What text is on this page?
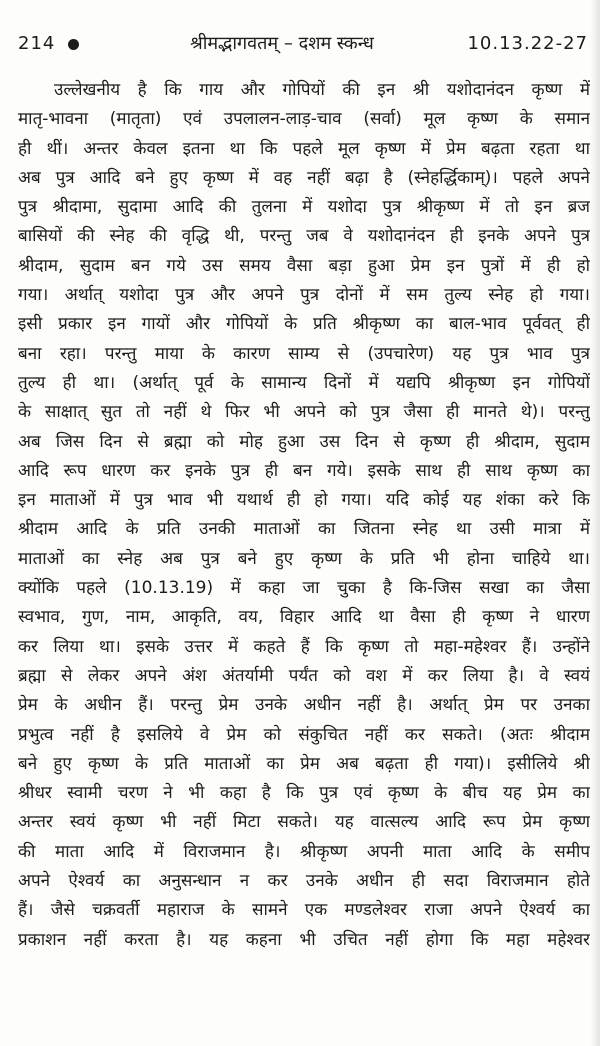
214	श्रीमद्भागवतम् – दशम स्कन्ध	10.13.22-27
उल्लेखनीय है कि गाय और गोपियों की इन श्री यशोदानंदन कृष्ण में
मातृ-भावना (मातृता) एवं उपलालन-लाड़-चाव (सर्वा) मूल कृष्ण के समान
ही थीं। अन्तर केवल इतना था कि पहले मूल कृष्ण में प्रेम बढ़ता रहता था
अब पुत्र आदि बने हुए कृष्ण में वह नहीं बढ़ा है (स्नेहर्द्धिकाम्)। पहले अपने
पुत्र श्रीदामा, सुदामा आदि की तुलना में यशोदा पुत्र श्रीकृष्ण में तो इन ब्रज
बासियों की स्नेह की वृद्धि थी, परन्तु जब वे यशोदानंदन ही इनके अपने पुत्र
श्रीदाम, सुदाम बन गये उस समय वैसा बड़ा हुआ प्रेम इन पुत्रों में ही हो
गया। अर्थात् यशोदा पुत्र और अपने पुत्र दोनों में सम तुल्य स्नेह हो गया।
इसी प्रकार इन गायों और गोपियों के प्रति श्रीकृष्ण का बाल-भाव पूर्ववत् ही
बना रहा। परन्तु माया के कारण साम्य से (उपचारेण) यह पुत्र भाव पुत्र
तुल्य ही था। (अर्थात् पूर्व के सामान्य दिनों में यद्यपि श्रीकृष्ण इन गोपियों
के साक्षात् सुत तो नहीं थे फिर भी अपने को पुत्र जैसा ही मानते थे)। परन्तु
अब जिस दिन से ब्रह्मा को मोह हुआ उस दिन से कृष्ण ही श्रीदाम, सुदाम
आदि रूप धारण कर इनके पुत्र ही बन गये। इसके साथ ही साथ कृष्ण का
इन माताओं में पुत्र भाव भी यथार्थ ही हो गया। यदि कोई यह शंका करे कि
श्रीदाम आदि के प्रति उनकी माताओं का जितना स्नेह था उसी मात्रा में
माताओं का स्नेह अब पुत्र बने हुए कृष्ण के प्रति भी होना चाहिये था।
क्योंकि पहले (10.13.19) में कहा जा चुका है कि-जिस सखा का जैसा
स्वभाव, गुण, नाम, आकृति, वय, विहार आदि था वैसा ही कृष्ण ने धारण
कर लिया था। इसके उत्तर में कहते हैं कि कृष्ण तो महा-महेश्वर हैं। उन्होंने
ब्रह्मा से लेकर अपने अंश अंतर्यामी पर्यंत को वश में कर लिया है। वे स्वयं
प्रेम के अधीन हैं। परन्तु प्रेम उनके अधीन नहीं है। अर्थात् प्रेम पर उनका
प्रभुत्व नहीं है इसलिये वे प्रेम को संकुचित नहीं कर सकते। (अतः श्रीदाम
बने हुए कृष्ण के प्रति माताओं का प्रेम अब बढ़ता ही गया)। इसीलिये श्री
श्रीधर स्वामी चरण ने भी कहा है कि पुत्र एवं कृष्ण के बीच यह प्रेम का
अन्तर स्वयं कृष्ण भी नहीं मिटा सकते। यह वात्सल्य आदि रूप प्रेम कृष्ण
की माता आदि में विराजमान है। श्रीकृष्ण अपनी माता आदि के समीप
अपने ऐश्वर्य का अनुसन्धान न कर उनके अधीन ही सदा विराजमान होते
हैं। जैसे चक्रवर्ती महाराज के सामने एक मण्डलेश्वर राजा अपने ऐश्वर्य का
प्रकाशन नहीं करता है। यह कहना भी उचित नहीं होगा कि महा महेश्वर
